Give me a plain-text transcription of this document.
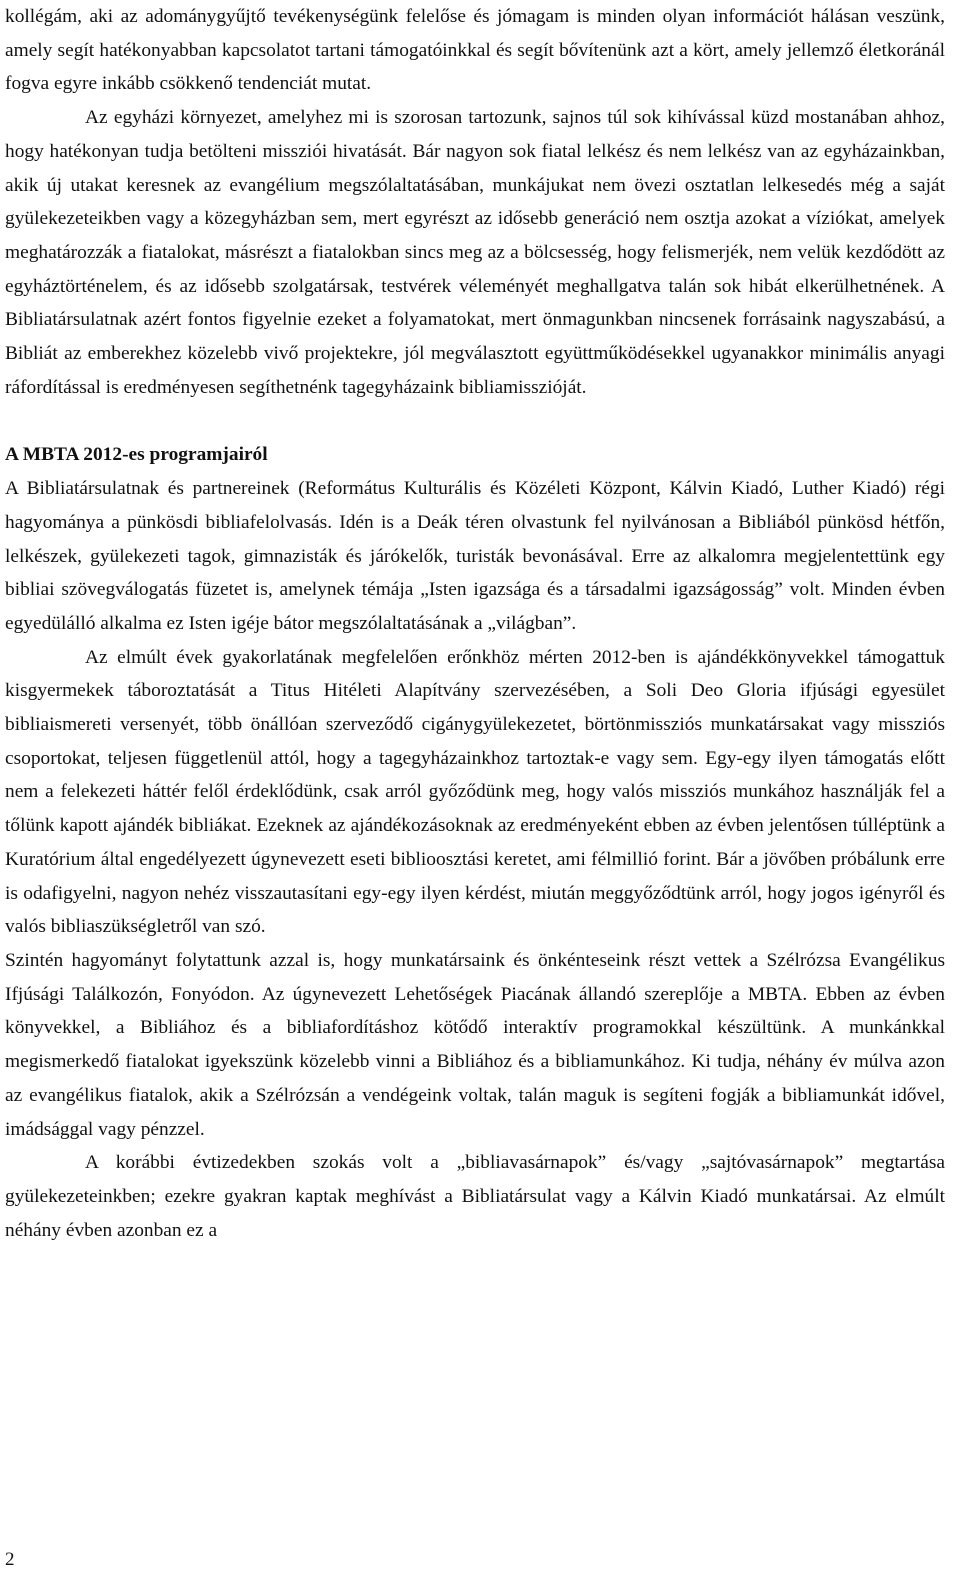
kollégám, aki az adománygyűjtő tevékenységünk felelőse és jómagam is minden olyan információt hálásan veszünk, amely segít hatékonyabban kapcsolatot tartani támogatóinkkal és segít bővítenünk azt a kört, amely jellemző életkoránál fogva egyre inkább csökkenő tendenciát mutat.

Az egyházi környezet, amelyhez mi is szorosan tartozunk, sajnos túl sok kihívással küzd mostanában ahhoz, hogy hatékonyan tudja betölteni missziói hivatását. Bár nagyon sok fiatal lelkész és nem lelkész van az egyházainkban, akik új utakat keresnek az evangélium megszólaltatásában, munkájukat nem övezi osztatlan lelkesedés még a saját gyülekezeteikben vagy a közegyházban sem, mert egyrészt az idősebb generáció nem osztja azokat a víziókat, amelyek meghatározzák a fiatalokat, másrészt a fiatalokban sincs meg az a bölcsesség, hogy felismerjék, nem velük kezdődött az egyháztörténelem, és az idősebb szolgatársak, testvérek véleményét meghallgatva talán sok hibát elkerülhetnének. A Bibliatársulatnak azért fontos figyelnie ezeket a folyamatokat, mert önmagunkban nincsenek forrásaink nagyszabású, a Bibliát az emberekhez közelebb vivő projektekre, jól megválasztott együttműködésekkel ugyanakkor minimális anyagi ráfordítással is eredményesen segíthetnénk tagegyházaink bibliamisszióját.

A MBTA 2012-es programjairól

A Bibliatársulatnak és partnereinek (Református Kulturális és Közéleti Központ, Kálvin Kiadó, Luther Kiadó) régi hagyománya a pünkösdi bibliafelolvasás. Idén is a Deák téren olvastunk fel nyilvánosan a Bibliából pünkösd hétfőn, lelkészek, gyülekezeti tagok, gimnazisták és járókelők, turisták bevonásával. Erre az alkalomra megjelentettünk egy bibliai szövegválogatás füzetet is, amelynek témája „Isten igazsága és a társadalmi igazságosság” volt. Minden évben egyedülálló alkalma ez Isten igéje bátor megszólaltatásának a „világban”.

Az elmúlt évek gyakorlatának megfelelően erőnkhöz mérten 2012-ben is ajándékkönyvekkel támogattuk kisgyermekek táboroztatását a Titus Hitéleti Alapítvány szervezésében, a Soli Deo Gloria ifjúsági egyesület bibliaismereti versenyét, több önállóan szerveződő cigánygyülekezetet, börtönmissziós munkatársakat vagy missziós csoportokat, teljesen függetlenül attól, hogy a tagegyházainkhoz tartoztak-e vagy sem. Egy-egy ilyen támogatás előtt nem a felekezeti háttér felől érdeklődünk, csak arról győződünk meg, hogy valós missziós munkához használják fel a tőlünk kapott ajándék bibliákat. Ezeknek az ajándékozásoknak az eredményeként ebben az évben jelentősen túlléptünk a Kuratórium által engedélyezett úgynevezett eseti biblioosztási keretet, ami félmillió forint. Bár a jövőben próbálunk erre is odafigyelni, nagyon nehéz visszautasítani egy-egy ilyen kérdést, miután meggyőződtünk arról, hogy jogos igényről és valós bibliaszükségletről van szó.

Szintén hagyományt folytattunk azzal is, hogy munkatársaink és önkénteseink részt vettek a Szélrózsa Evangélikus Ifjúsági Találkozón, Fonyódon. Az úgynevezett Lehetőségek Piacának állandó szereplője a MBTA. Ebben az évben könyvekkel, a Bibliához és a bibliafordításhoz kötődő interaktív programokkal készültünk. A munkánkkal megismerkedő fiatalokat igyekszünk közelebb vinni a Bibliához és a bibliamunkához. Ki tudja, néhány év múlva azon az evangélikus fiatalok, akik a Szélrózsán a vendégeink voltak, talán maguk is segíteni fogják a bibliamunkát idővel, imádsággal vagy pénzzel.

A korábbi évtizedekben szokás volt a „bibliavasárnapok” és/vagy „sajtóvasárnapok” megtartása gyülekezeteinkben; ezekre gyakran kaptak meghívást a Bibliatársulat vagy a Kálvin Kiadó munkatársai. Az elmúlt néhány évben azonban ez a

2
